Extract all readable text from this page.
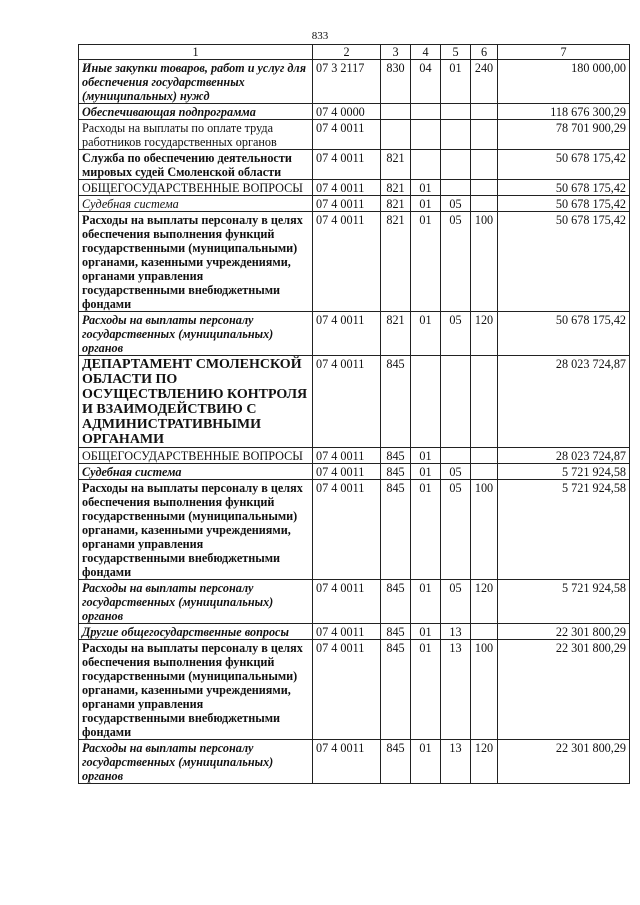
833
1	2	3	4	5	6	7
Иные закупки товаров, работ и услуг для обеспечения государственных (муниципальных) нужд	07 3 2117	830	04	01	240	180 000,00
Обеспечивающая подпрограмма	07 4 0000					118 676 300,29
Расходы на выплаты по оплате труда работников государственных органов	07 4 0011					78 701 900,29
Служба по обеспечению деятельности мировых судей Смоленской области	07 4 0011	821				50 678 175,42
ОБЩЕГОСУДАРСТВЕННЫЕ ВОПРОСЫ	07 4 0011	821	01			50 678 175,42
Судебная система	07 4 0011	821	01	05		50 678 175,42
Расходы на выплаты персоналу в целях обеспечения выполнения функций государственными (муниципальными) органами, казенными учреждениями, органами управления государственными внебюджетными фондами	07 4 0011	821	01	05	100	50 678 175,42
Расходы на выплаты персоналу государственных (муниципальных) органов	07 4 0011	821	01	05	120	50 678 175,42
ДЕПАРТАМЕНТ СМОЛЕНСКОЙ ОБЛАСТИ ПО ОСУЩЕСТВЛЕНИЮ КОНТРОЛЯ И ВЗАИМОДЕЙСТВИЮ С АДМИНИСТРАТИВНЫМИ ОРГАНАМИ	07 4 0011	845				28 023 724,87
ОБЩЕГОСУДАРСТВЕННЫЕ ВОПРОСЫ	07 4 0011	845	01			28 023 724,87
Судебная система	07 4 0011	845	01	05		5 721 924,58
Расходы на выплаты персоналу в целях обеспечения выполнения функций государственными (муниципальными) органами, казенными учреждениями, органами управления государственными внебюджетными фондами	07 4 0011	845	01	05	100	5 721 924,58
Расходы на выплаты персоналу государственных (муниципальных) органов	07 4 0011	845	01	05	120	5 721 924,58
Другие общегосударственные вопросы	07 4 0011	845	01	13		22 301 800,29
Расходы на выплаты персоналу в целях обеспечения выполнения функций государственными (муниципальными) органами, казенными учреждениями, органами управления государственными внебюджетными фондами	07 4 0011	845	01	13	100	22 301 800,29
Расходы на выплаты персоналу государственных (муниципальных) органов	07 4 0011	845	01	13	120	22 301 800,29
